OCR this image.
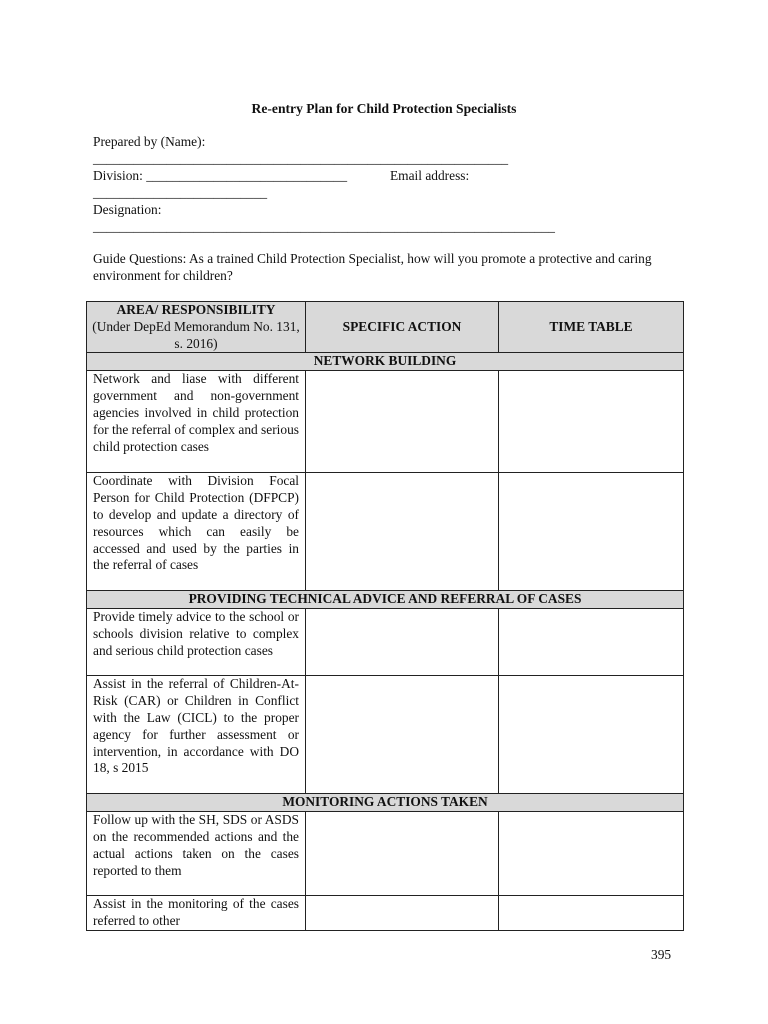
Re-entry Plan for Child Protection Specialists
Prepared by (Name):
______________________________________________________________
Division: ______________________________	Email address:
__________________________
Designation:
_____________________________________________________________________
Guide Questions: As a trained Child Protection Specialist, how will you promote a protective and caring environment for children?
AREA/ RESPONSIBILITY
(Under DepEd Memorandum No. 131, s. 2016)	SPECIFIC ACTION	TIME TABLE
NETWORK BUILDING		
Network and liase with different government and non-government agencies involved in child protection for the referral of complex and serious child protection cases		
Coordinate with Division Focal Person for Child Protection (DFPCP) to develop and update a directory of resources which can easily be accessed and used by the parties in the referral of cases		
PROVIDING TECHNICAL ADVICE AND REFERRAL OF CASES		
Provide timely advice to the school or schools division relative to complex and serious child protection cases		
Assist in the referral of Children-At-Risk (CAR) or Children in Conflict with the Law (CICL) to the proper agency for further assessment or intervention, in accordance with DO 18, s 2015		
MONITORING ACTIONS TAKEN		
Follow up with the SH, SDS or ASDS on the recommended actions and the actual actions taken on the cases reported to them		
Assist in the monitoring of the cases referred to other		
395
